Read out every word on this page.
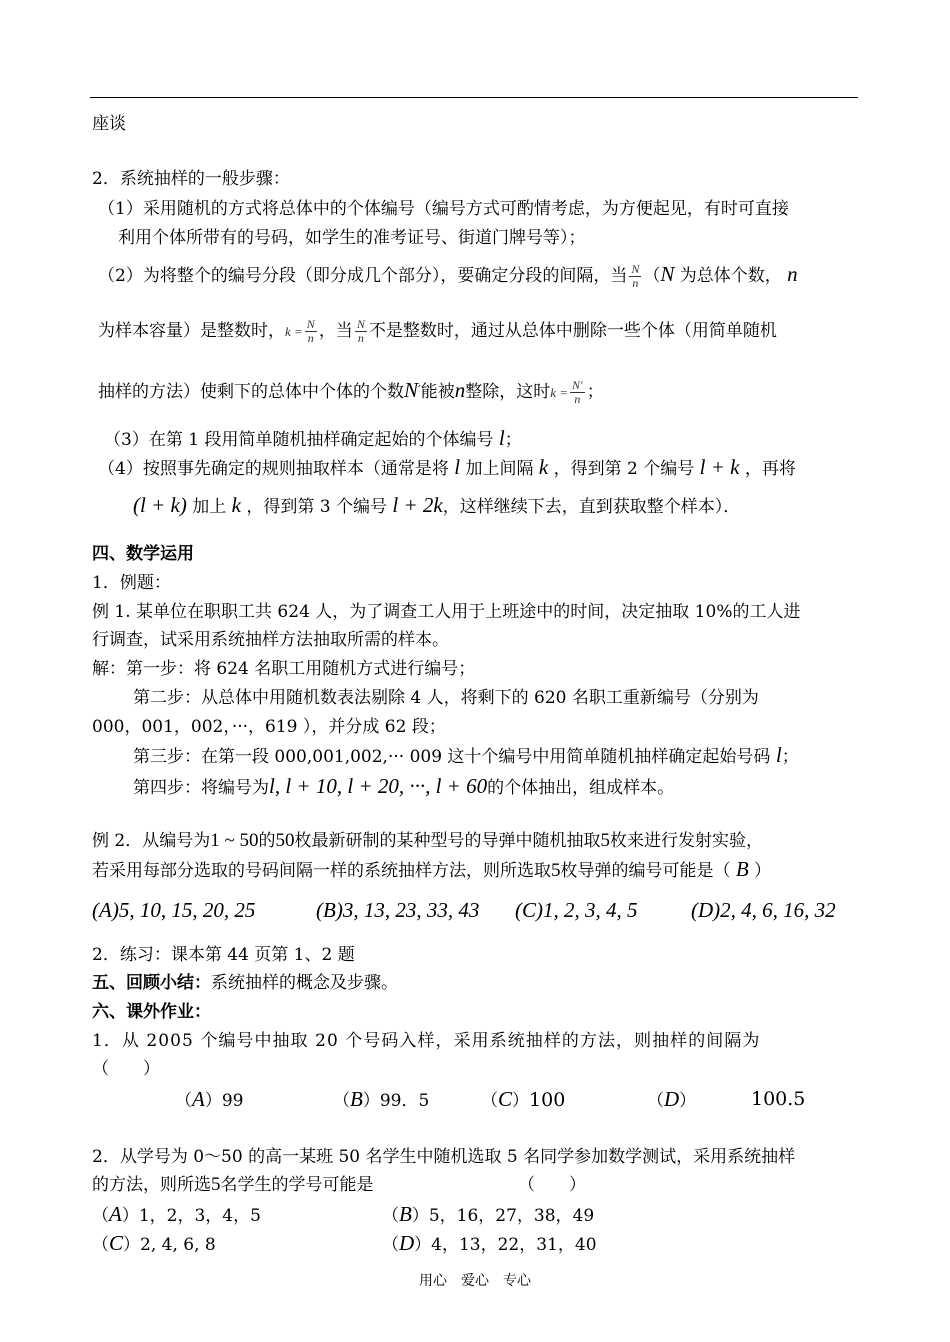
座谈
2．系统抽样的一般步骤：
（1）采用随机的方式将总体中的个体编号（编号方式可酌情考虑，为方便起见，有时可直接
利用个体所带有的号码，如学生的准考证号、街道门牌号等）；
（2）为将整个的编号分段（即分成几个部分），要确定分段的间隔，当 $\frac{N}{n} (N$ 为总体个数， n
为样本容量）是整数时，$k = \frac{N}{n}$ ，当 $\frac{N}{n}$ 不是整数时，通过从总体中删除一些个体（用简单随机
抽样的方法）使剩下的总体中个体的个数N′能被n整除，这时$k = \frac{N'}{n}$ ；
（3）在第 1 段用简单随机抽样确定起始的个体编号 l；
（4）按照事先确定的规则抽取样本（通常是将 l 加上间隔 k ，得到第 2 个编号 l + k ，再将
(l + k) 加上 k ，得到第 3 个编号 l + 2k，这样继续下去，直到获取整个样本）．
四、数学运用
1．例题：
例 1. 某单位在职职工共 624 人，为了调查工人用于上班途中的时间，决定抽取 10%的工人进
行调查，试采用系统抽样方法抽取所需的样本。
解：第一步：将 624 名职工用随机方式进行编号；
第二步：从总体中用随机数表法剔除 4 人，将剩下的 620 名职工重新编号（分别为
000，001，002，···，619 ），并分成 62 段；
第三步：在第一段 000,001,002,··· 009 这十个编号中用简单随机抽样确定起始号码 l；
第四步：将编号为l, l + 10, l + 20, ···, l + 60的个体抽出，组成样本。
例 2．从编号为1 ~ 50的50枚最新研制的某种型号的导弹中随机抽取5枚来进行发射实验，
若采用每部分选取的号码间隔一样的系统抽样方法，则所选取5枚导弹的编号可能是（ B ）
(A)5, 10, 15, 20, 25	(B)3, 13, 23, 33, 43 (C)1, 2, 3, 4, 5	(D)2, 4, 6, 16, 32
2．练习：课本第 44 页第 1、2 题
五、回顾小结：系统抽样的概念及步骤。
六、课外作业：
1．从 2005 个编号中抽取 20 个号码入样，采用系统抽样的方法，则抽样的间隔为
（　　）
（A）99	（B）99．5	（C）100	（D）	100.5
2．从学号为 0～50 的高一某班 50 名学生中随机选取 5 名同学参加数学测试，采用系统抽样
的方法，则所选5名学生的学号可能是	（　　）
（A）1，2，3，4，5	（B）5，16，27，38，49
（C）2, 4, 6, 8	（D）4，13，22，31，40
用心　爱心　专心
